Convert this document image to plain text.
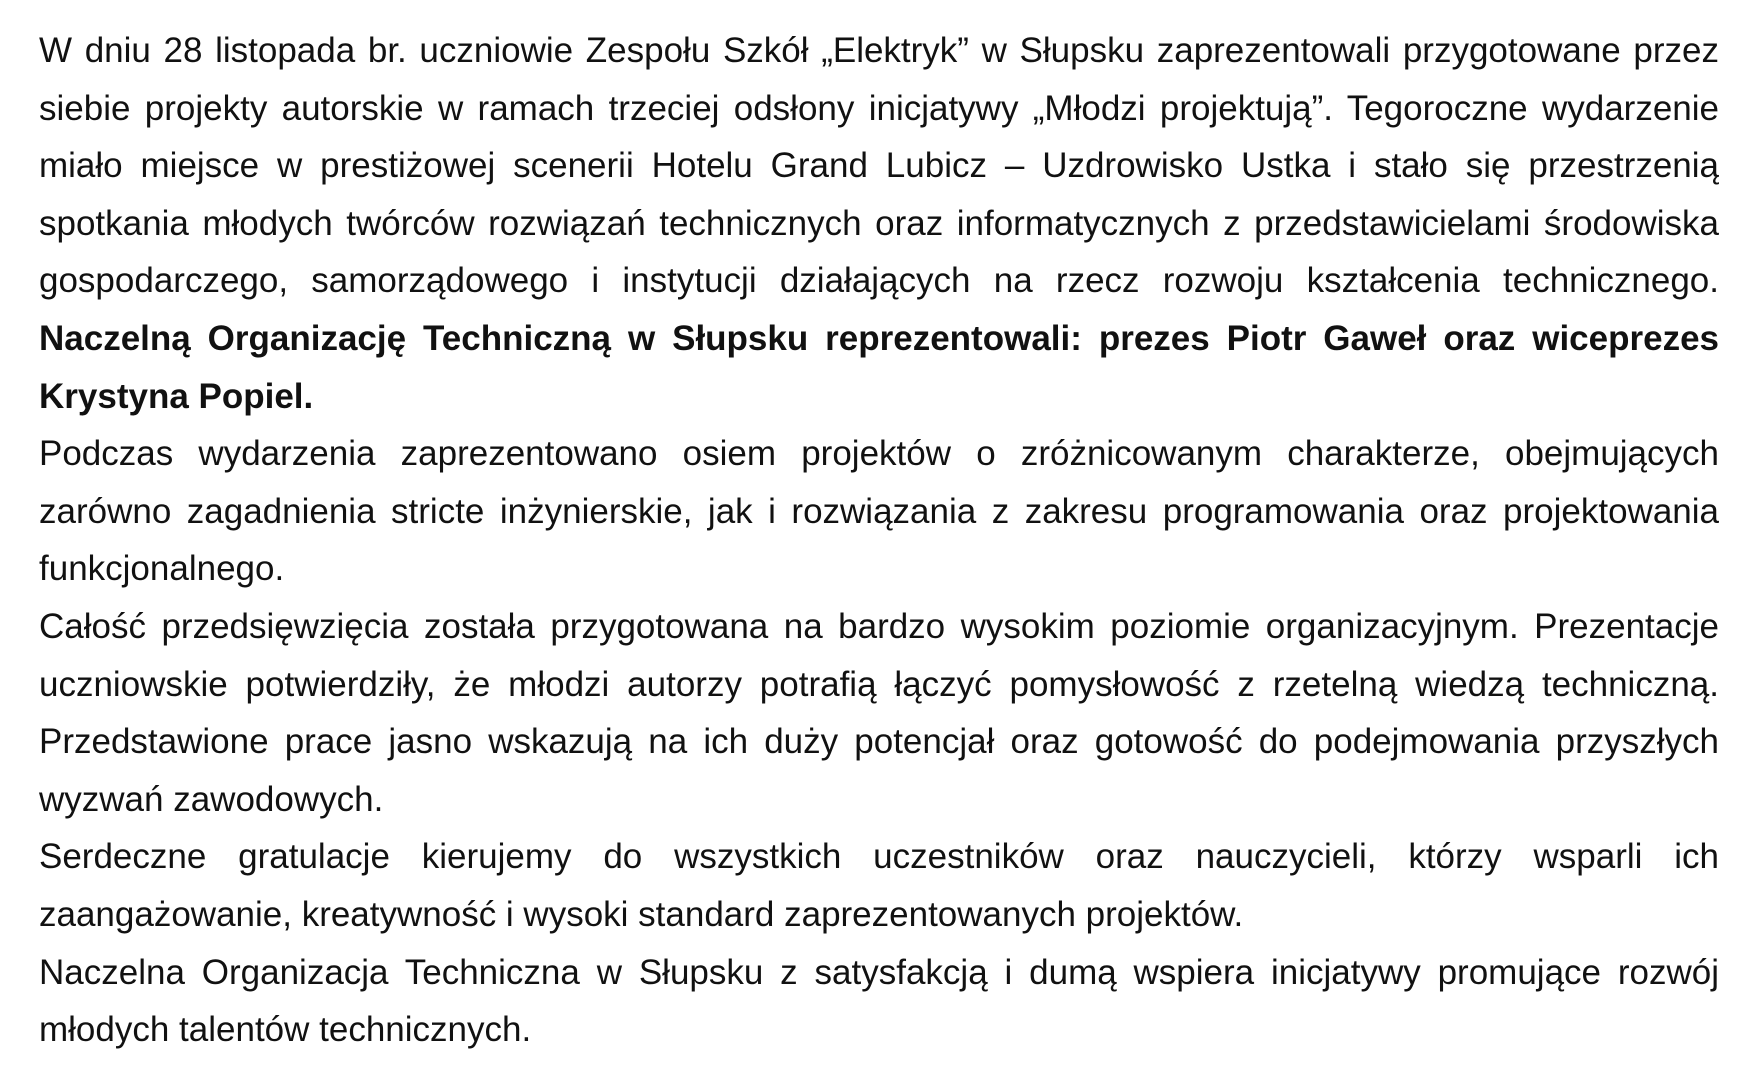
W dniu 28 listopada br. uczniowie Zespołu Szkół „Elektryk” w Słupsku zaprezentowali przygotowane przez siebie projekty autorskie w ramach trzeciej odsłony inicjatywy „Młodzi projektują”. Tegoroczne wydarzenie miało miejsce w prestiżowej scenerii Hotelu Grand Lubicz – Uzdrowisko Ustka i stało się przestrzenią spotkania młodych twórców rozwiązań technicznych oraz informatycznych z przedstawicielami środowiska gospodarczego, samorządowego i instytucji działających na rzecz rozwoju kształcenia technicznego. Naczelną Organizację Techniczną w Słupsku reprezentowali: prezes Piotr Gaweł oraz wiceprezes Krystyna Popiel.

Podczas wydarzenia zaprezentowano osiem projektów o zróżnicowanym charakterze, obejmujących zarówno zagadnienia stricte inżynierskie, jak i rozwiązania z zakresu programowania oraz projektowania funkcjonalnego.

Całość przedsięwzięcia została przygotowana na bardzo wysokim poziomie organizacyjnym. Prezentacje uczniowskie potwierdziły, że młodzi autorzy potrafią łączyć pomysłowość z rzetelną wiedzą techniczną. Przedstawione prace jasno wskazują na ich duży potencjał oraz gotowość do podejmowania przyszłych wyzwań zawodowych.

Serdeczne gratulacje kierujemy do wszystkich uczestników oraz nauczycieli, którzy wsparli ich zaangażowanie, kreatywność i wysoki standard zaprezentowanych projektów.

Naczelna Organizacja Techniczna w Słupsku z satysfakcją i dumą wspiera inicjatywy promujące rozwój młodych talentów technicznych.
